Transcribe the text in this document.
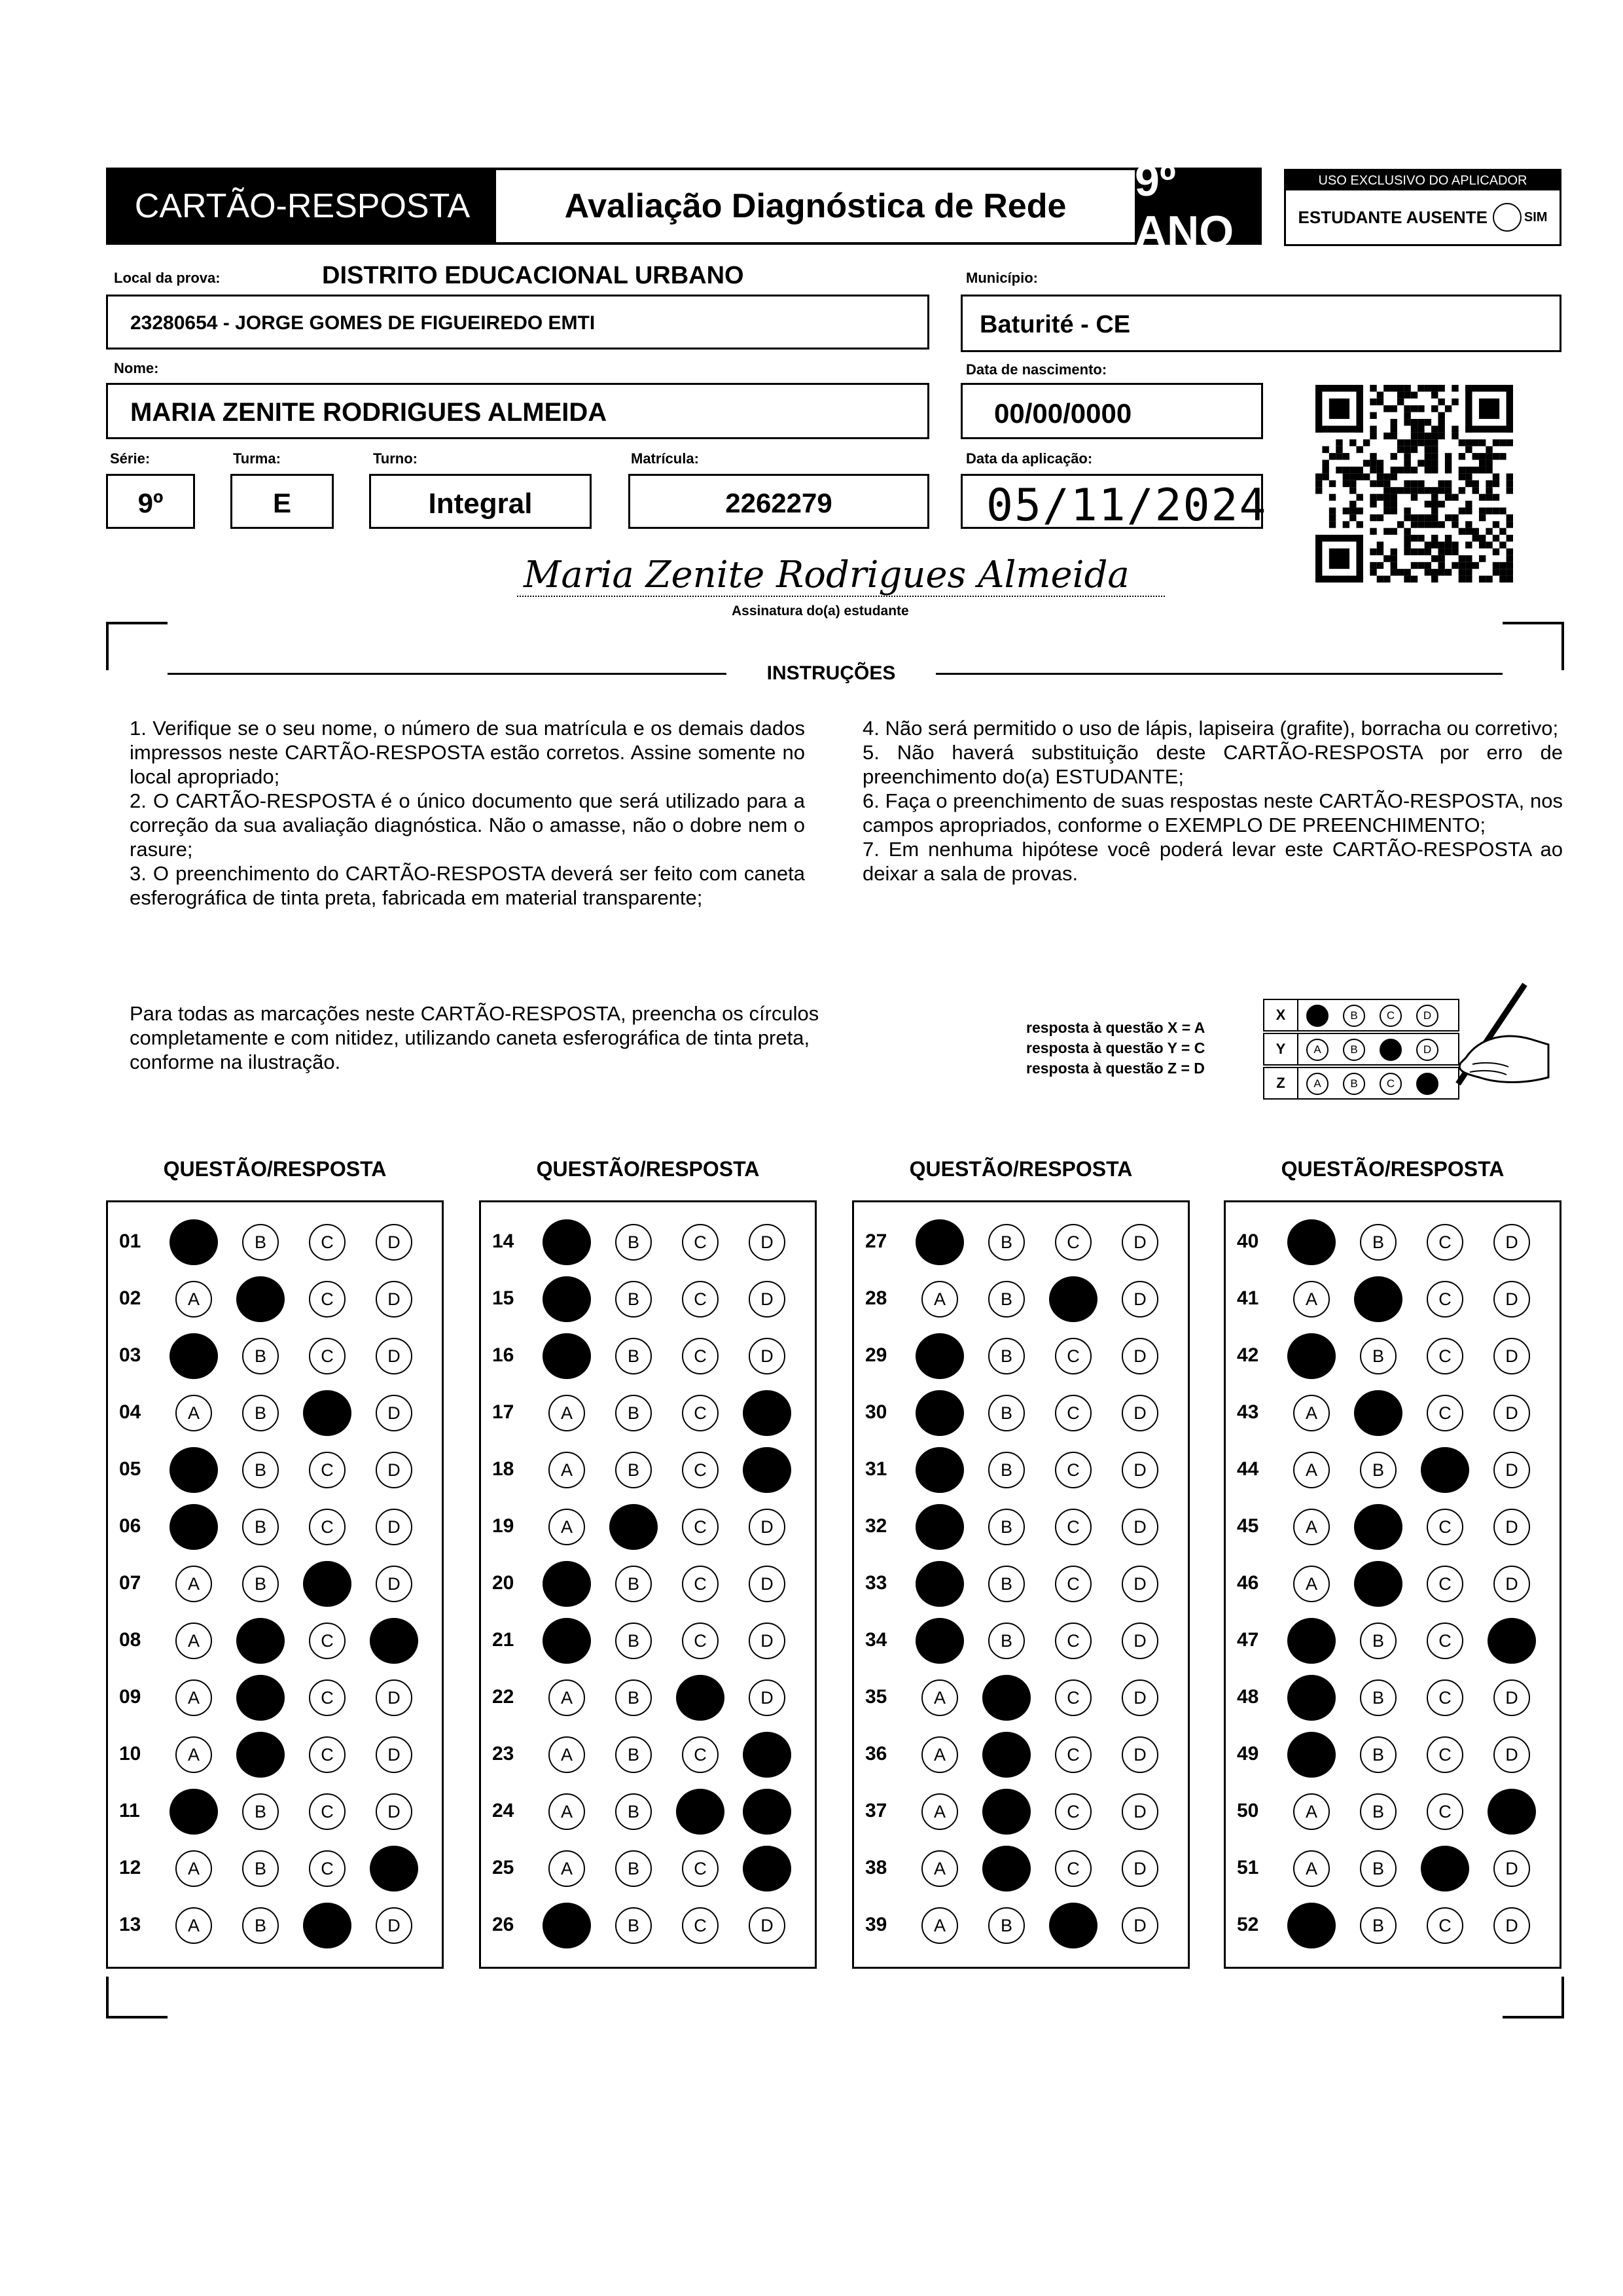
CARTÃO-RESPOSTA	Avaliação Diagnóstica de Rede
9º ANO
USO EXCLUSIVO DO APLICADOR
ESTUDANTE AUSENTE	SIM
Local da prova:	DISTRITO EDUCACIONAL URBANO
23280654 - JORGE GOMES DE FIGUEIREDO EMTI
Município:
Baturité - CE
Nome:
MARIA ZENITE RODRIGUES ALMEIDA
Data de nascimento:
00/00/0000
Série:
9º
Turma:
E
Turno:
Integral
Matrícula:
2262279
Data da aplicação:
05/11/2024
Maria Zenite Rodrigues Almeida
Assinatura do(a) estudante
INSTRUÇÕES
1. Verifique se o seu nome, o número de sua matrícula e os demais dados impressos neste CARTÃO-RESPOSTA estão corretos. Assine somente no local apropriado;
2. O CARTÃO-RESPOSTA é o único documento que será utilizado para a correção da sua avaliação diagnóstica. Não o amasse, não o dobre nem o rasure;
3. O preenchimento do CARTÃO-RESPOSTA deverá ser feito com caneta esferográfica de tinta preta, fabricada em material transparente;
4. Não será permitido o uso de lápis, lapiseira (grafite), borracha ou corretivo;
5. Não haverá substituição deste CARTÃO-RESPOSTA por erro de preenchimento do(a) ESTUDANTE;
6. Faça o preenchimento de suas respostas neste CARTÃO-RESPOSTA, nos campos apropriados, conforme o EXEMPLO DE PREENCHIMENTO;
7. Em nenhuma hipótese você poderá levar este CARTÃO-RESPOSTA ao deixar a sala de provas.
Para todas as marcações neste CARTÃO-RESPOSTA, preencha os círculos completamente e com nitidez, utilizando caneta esferográfica de tinta preta, conforme na ilustração.
resposta à questão X = A
resposta à questão Y = C
resposta à questão Z = D
X	A	B	C	D
Y	A	B	C	D
Z	A	B	C	D
QUESTÃO/RESPOSTA
01	A	B	C	D
02	A	B	C	D
03	A	B	C	D
04	A	B	C	D
05	A	B	C	D
06	A	B	C	D
07	A	B	C	D
08	A	B	C	D
09	A	B	C	D
10	A	B	C	D
11	A	B	C	D
12	A	B	C	D
13	A	B	C	D
QUESTÃO/RESPOSTA
14	A	B	C	D
15	A	B	C	D
16	A	B	C	D
17	A	B	C	D
18	A	B	C	D
19	A	B	C	D
20	A	B	C	D
21	A	B	C	D
22	A	B	C	D
23	A	B	C	D
24	A	B	C	D
25	A	B	C	D
26	A	B	C	D
QUESTÃO/RESPOSTA
27	A	B	C	D
28	A	B	C	D
29	A	B	C	D
30	A	B	C	D
31	A	B	C	D
32	A	B	C	D
33	A	B	C	D
34	A	B	C	D
35	A	B	C	D
36	A	B	C	D
37	A	B	C	D
38	A	B	C	D
39	A	B	C	D
QUESTÃO/RESPOSTA
40	A	B	C	D
41	A	B	C	D
42	A	B	C	D
43	A	B	C	D
44	A	B	C	D
45	A	B	C	D
46	A	B	C	D
47	A	B	C	D
48	A	B	C	D
49	A	B	C	D
50	A	B	C	D
51	A	B	C	D
52	A	B	C	D
